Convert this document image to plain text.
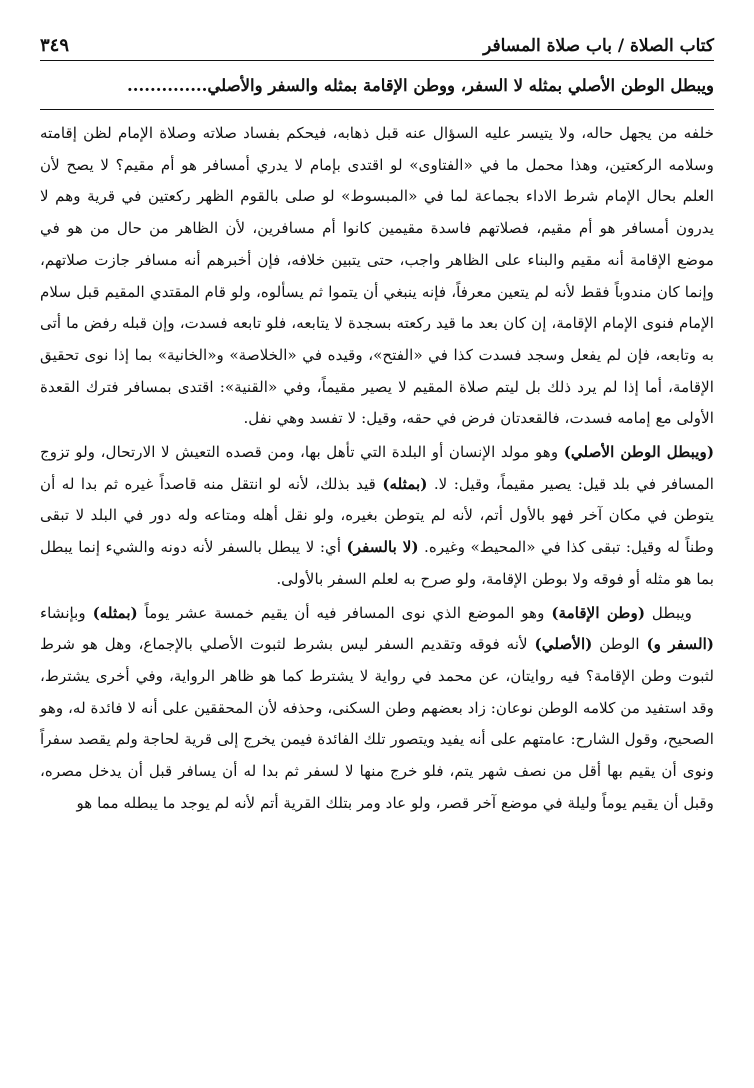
كتاب الصلاة / باب صلاة المسافر
٣٤٩
ويبطل الوطن الأصلي بمثله لا السفر، ووطن الإقامة بمثله والسفر والأصلي..............

خلفه من يجهل حاله، ولا يتيسر عليه السؤال عنه قبل ذهابه، فيحكم بفساد صلاته وصلاة الإمام لظن إقامته وسلامه الركعتين، وهذا محمل ما في «الفتاوى» لو اقتدى بإمام لا يدري أمسافر هو أم مقيم؟ لا يصح لأن العلم بحال الإمام شرط الاداء بجماعة لما في «المبسوط» لو صلى بالقوم الظهر ركعتين في قرية وهم لا يدرون أمسافر هو أم مقيم، فصلاتهم فاسدة مقيمين كانوا أم مسافرين، لأن الظاهر من حال من هو في موضع الإقامة أنه مقيم والبناء على الظاهر واجب، حتى يتبين خلافه، فإن أخبرهم أنه مسافر جازت صلاتهم، وإنما كان مندوباً فقط لأنه لم يتعين معرفاً، فإنه ينبغي أن يتموا ثم يسألوه، ولو قام المقتدي المقيم قبل سلام الإمام فنوى الإمام الإقامة، إن كان بعد ما قيد ركعته بسجدة لا يتابعه، فلو تابعه فسدت، وإن قبله رفض ما أتى به وتابعه، فإن لم يفعل وسجد فسدت كذا في «الفتح»، وقيده في «الخلاصة» و«الخانية» بما إذا نوى تحقيق الإقامة، أما إذا لم يرد ذلك بل ليتم صلاة المقيم لا يصير مقيماً، وفي «القنية»: اقتدى بمسافر فترك القعدة الأولى مع إمامه فسدت، فالقعدتان فرض في حقه، وقيل: لا تفسد وهي نفل.

(ويبطل الوطن الأصلي) وهو مولد الإنسان أو البلدة التي تأهل بها، ومن قصده التعيش لا الارتحال، ولو تزوج المسافر في بلد قيل: يصير مقيماً، وقيل: لا. (بمثله) قيد بذلك، لأنه لو انتقل منه قاصداً غيره ثم بدا له أن يتوطن في مكان آخر فهو بالأول أتم، لأنه لم يتوطن بغيره، ولو نقل أهله ومتاعه وله دور في البلد لا تبقى وطناً له وقيل: تبقى كذا في «المحيط» وغيره. (لا بالسفر) أي: لا يبطل بالسفر لأنه دونه والشيء إنما يبطل بما هو مثله أو فوقه ولا بوطن الإقامة، ولو صرح به لعلم السفر بالأولى.

ويبطل (وطن الإقامة) وهو الموضع الذي نوى المسافر فيه أن يقيم خمسة عشر يوماً (بمثله) وبإنشاء (السفر و) الوطن (الأصلي) لأنه فوقه وتقديم السفر ليس بشرط لثبوت الأصلي بالإجماع، وهل هو شرط لثبوت وطن الإقامة؟ فيه روايتان، عن محمد في رواية لا يشترط كما هو ظاهر الرواية، وفي أخرى يشترط، وقد استفيد من كلامه الوطن نوعان: زاد بعضهم وطن السكنى، وحذفه لأن المحققين على أنه لا فائدة له، وهو الصحيح، وقول الشارح: عامتهم على أنه يفيد ويتصور تلك الفائدة فيمن يخرج إلى قرية لحاجة ولم يقصد سفراً ونوى أن يقيم بها أقل من نصف شهر يتم، فلو خرج منها لا لسفر ثم بدا له أن يسافر قبل أن يدخل مصره، وقبل أن يقيم يوماً وليلة في موضع آخر قصر، ولو عاد ومر بتلك القرية أتم لأنه لم يوجد ما يبطله مما هو
